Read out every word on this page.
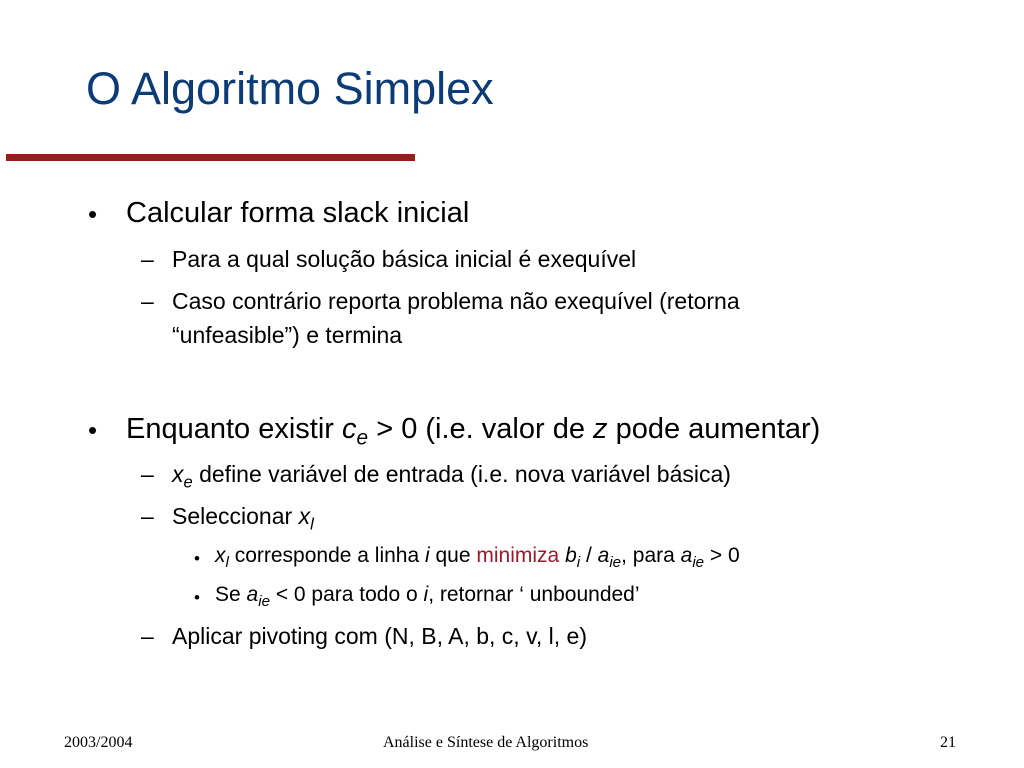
O Algoritmo Simplex
• Calcular forma slack inicial
– Para a qual solução básica inicial é exequível
– Caso contrário reporta problema não exequível (retorna
“unfeasible”) e termina
• Enquanto existir $c_e > 0$ (i.e. valor de z pode aumentar)
– $x_e$ define variável de entrada (i.e. nova variável básica)
– Seleccionar $x_l$
• $x_l$ corresponde a linha i que minimiza $b_i / a_{ie}$, para $a_{ie} > 0$
• Se $a_{ie} < 0$ para todo o i, retornar ‘ unbounded’
– Aplicar pivoting com (N, B, A, b, c, v, l, e)
2003/2004	Análise e Síntese de Algoritmos	21
